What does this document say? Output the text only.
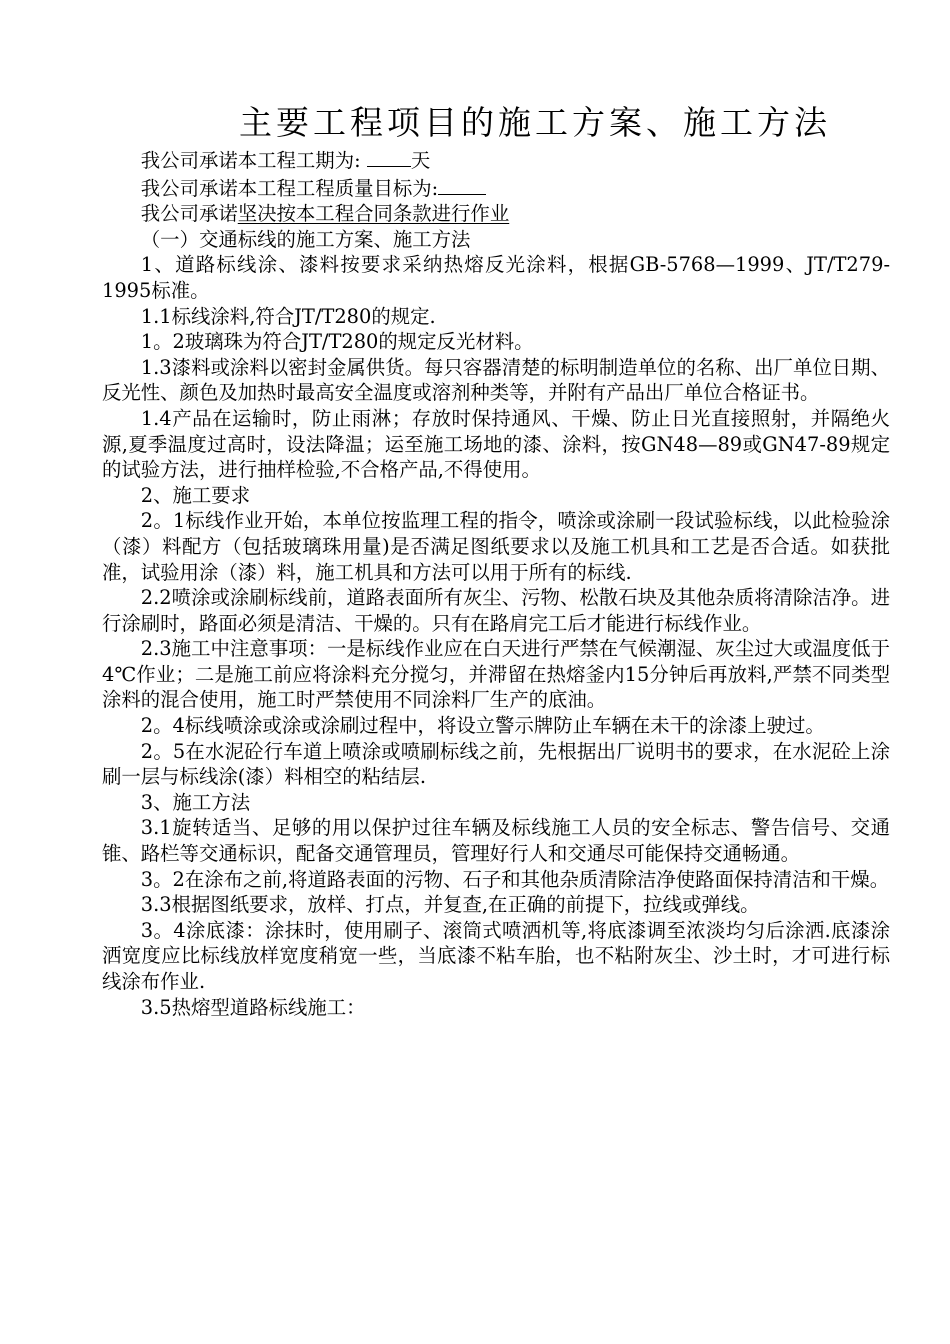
主要工程项目的施工方案、施工方法

我公司承诺本工程工期为:	天

我公司承诺本工程工程质量目标为:

我公司承诺坚决按本工程合同条款进行作业

（一）交通标线的施工方案、施工方法

1、道路标线涂、漆料按要求采纳热熔反光涂料，根据GB-5768—1999、JT/T279-1995标准。

1.1标线涂料,符合JT/T280的规定.

1。2玻璃珠为符合JT/T280的规定反光材料。

1.3漆料或涂料以密封金属供货。每只容器清楚的标明制造单位的名称、出厂单位日期、反光性、颜色及加热时最高安全温度或溶剂种类等，并附有产品出厂单位合格证书。

1.4产品在运输时，防止雨淋；存放时保持通风、干燥、防止日光直接照射，并隔绝火源,夏季温度过高时，设法降温；运至施工场地的漆、涂料，按GN48—89或GN47-89规定的试验方法，进行抽样检验,不合格产品,不得使用。

2、施工要求

2。1标线作业开始，本单位按监理工程的指令，喷涂或涂刷一段试验标线，以此检验涂（漆）料配方（包括玻璃珠用量)是否满足图纸要求以及施工机具和工艺是否合适。如获批准，试验用涂（漆）料，施工机具和方法可以用于所有的标线.

2.2喷涂或涂刷标线前，道路表面所有灰尘、污物、松散石块及其他杂质将清除洁净。进行涂刷时，路面必须是清洁、干燥的。只有在路肩完工后才能进行标线作业。

2.3施工中注意事项：一是标线作业应在白天进行严禁在气候潮湿、灰尘过大或温度低于4℃作业；二是施工前应将涂料充分搅匀，并滞留在热熔釜内15分钟后再放料,严禁不同类型涂料的混合使用，施工时严禁使用不同涂料厂生产的底油。

2。4标线喷涂或涂或涂刷过程中，将设立警示牌防止车辆在未干的涂漆上驶过。

2。5在水泥砼行车道上喷涂或喷刷标线之前，先根据出厂说明书的要求，在水泥砼上涂刷一层与标线涂(漆）料相空的粘结层.

3、施工方法

3.1旋转适当、足够的用以保护过往车辆及标线施工人员的安全标志、警告信号、交通锥、路栏等交通标识，配备交通管理员，管理好行人和交通尽可能保持交通畅通。

3。2在涂布之前,将道路表面的污物、石子和其他杂质清除洁净使路面保持清洁和干燥。

3.3根据图纸要求，放样、打点，并复查,在正确的前提下，拉线或弹线。

3。4涂底漆：涂抹时，使用刷子、滚筒式喷洒机等,将底漆调至浓淡均匀后涂洒.底漆涂洒宽度应比标线放样宽度稍宽一些，当底漆不粘车胎，也不粘附灰尘、沙土时，才可进行标线涂布作业.

3.5热熔型道路标线施工：
